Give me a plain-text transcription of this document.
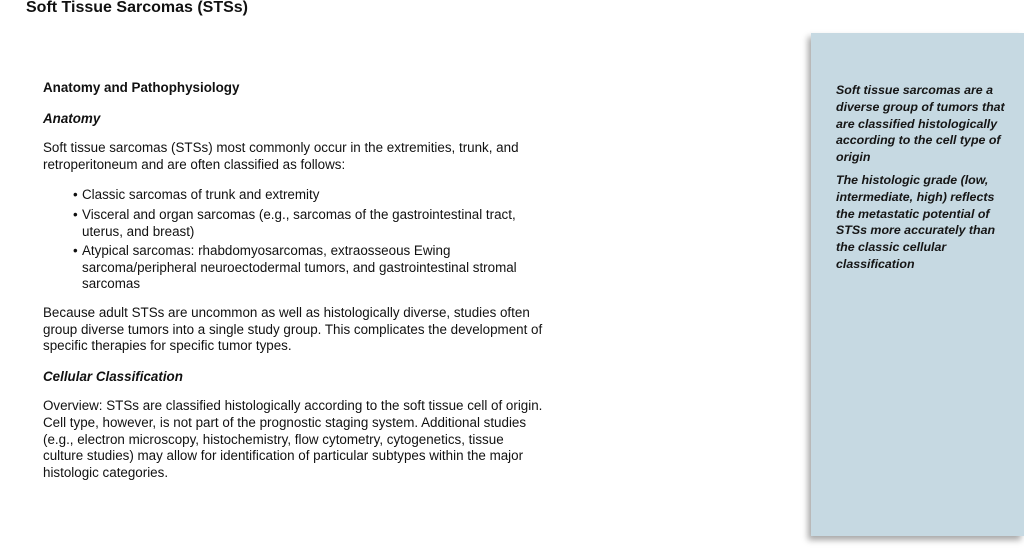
Soft Tissue Sarcomas (STSs)
Anatomy and Pathophysiology
Anatomy

Soft tissue sarcomas (STSs) most commonly occur in the extremities, trunk, and retroperitoneum and are often classified as follows:

• Classic sarcomas of trunk and extremity
• Visceral and organ sarcomas (e.g., sarcomas of the gastrointestinal tract, uterus, and breast)
• Atypical sarcomas: rhabdomyosarcomas, extraosseous Ewing sarcoma/peripheral neuroectodermal tumors, and gastrointestinal stromal sarcomas

Because adult STSs are uncommon as well as histologically diverse, studies often group diverse tumors into a single study group. This complicates the development of specific therapies for specific tumor types.

Cellular Classification

Overview: STSs are classified histologically according to the soft tissue cell of origin. Cell type, however, is not part of the prognostic staging system. Additional studies (e.g., electron microscopy, histochemistry, flow cytometry, cytogenetics, tissue culture studies) may allow for identification of particular subtypes within the major histologic categories.

Soft tissue sarcomas are a diverse group of tumors that are classified histologically according to the cell type of origin

The histologic grade (low, intermediate, high) reflects the metastatic potential of STSs more accurately than the classic cellular classification
